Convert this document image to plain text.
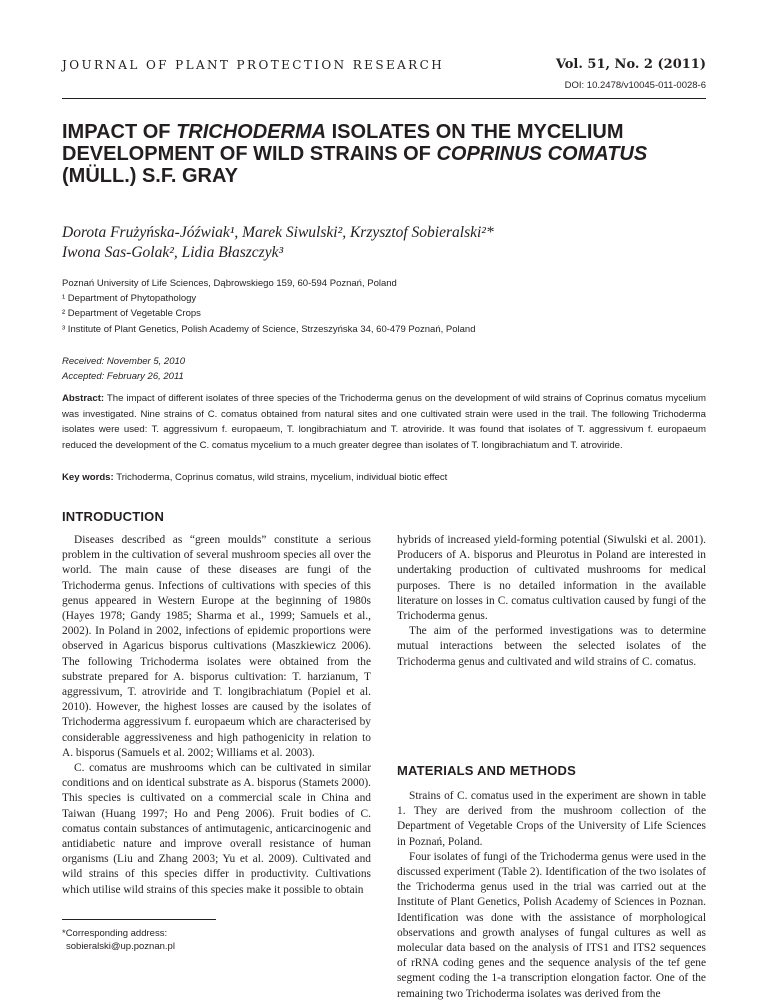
JOURNAL OF PLANT PROTECTION RESEARCH	Vol. 51, No. 2 (2011)
DOI: 10.2478/v10045-011-0028-6
IMPACT OF TRICHODERMA ISOLATES ON THE MYCELIUM DEVELOPMENT OF WILD STRAINS OF COPRINUS COMATUS (MÜLL.) S.F. GRAY
Dorota Frużyńska-Jóźwiak¹, Marek Siwulski², Krzysztof Sobieralski²*
Iwona Sas-Golak², Lidia Błaszczyk³
Poznań University of Life Sciences, Dąbrowskiego 159, 60-594 Poznań, Poland
¹ Department of Phytopathology
² Department of Vegetable Crops
³ Institute of Plant Genetics, Polish Academy of Science, Strzeszyńska 34, 60-479 Poznań, Poland
Received: November 5, 2010
Accepted: February 26, 2011
Abstract: The impact of different isolates of three species of the Trichoderma genus on the development of wild strains of Coprinus comatus mycelium was investigated. Nine strains of C. comatus obtained from natural sites and one cultivated strain were used in the trail. The following Trichoderma isolates were used: T. aggressivum f. europaeum, T. longibrachiatum and T. atroviride. It was found that isolates of T. aggressivum f. europaeum reduced the development of the C. comatus mycelium to a much greater degree than isolates of T. longibrachiatum and T. atroviride.
Key words: Trichoderma, Coprinus comatus, wild strains, mycelium, individual biotic effect
INTRODUCTION

Diseases described as “green moulds” constitute a serious problem in the cultivation of several mushroom species all over the world. The main cause of these diseases are fungi of the Trichoderma genus. Infections of cultivations with species of this genus appeared in Western Europe at the beginning of 1980s (Hayes 1978; Gandy 1985; Sharma et al., 1999; Samuels et al., 2002). In Poland in 2002, infections of epidemic proportions were observed in Agaricus bisporus cultivations (Maszkiewicz 2006). The following Trichoderma isolates were obtained from the substrate prepared for A. bisporus cultivation: T. harzianum, T aggressivum, T. atroviride and T. longibrachiatum (Popiel et al. 2010). However, the highest losses are caused by the isolates of Trichoderma aggressivum f. europaeum which are characterised by considerable aggressiveness and high pathogenicity in relation to A. bisporus (Samuels et al. 2002; Williams et al. 2003).

C. comatus are mushrooms which can be cultivated in similar conditions and on identical substrate as A. bisporus (Stamets 2000). This species is cultivated on a commercial scale in China and Taiwan (Huang 1997; Ho and Peng 2006). Fruit bodies of C. comatus contain substances of antimutagenic, anticarcinogenic and antidiabetic nature and improve overall resistance of human organisms (Liu and Zhang 2003; Yu et al. 2009). Cultivated and wild strains of this species differ in productivity. Cultivations which utilise wild strains of this species make it possible to obtain

hybrids of increased yield-forming potential (Siwulski et al. 2001). Producers of A. bisporus and Pleurotus in Poland are interested in undertaking production of cultivated mushrooms for medical purposes. There is no detailed information in the available literature on losses in C. comatus cultivation caused by fungi of the Trichoderma genus.

The aim of the performed investigations was to determine mutual interactions between the selected isolates of the Trichoderma genus and cultivated and wild strains of C. comatus.

MATERIALS AND METHODS

Strains of C. comatus used in the experiment are shown in table 1. They are derived from the mushroom collection of the Department of Vegetable Crops of the University of Life Sciences in Poznań, Poland.

Four isolates of fungi of the Trichoderma genus were used in the discussed experiment (Table 2). Identification of the two isolates of the Trichoderma genus used in the trial was carried out at the Institute of Plant Genetics, Polish Academy of Sciences in Poznan. Identification was done with the assistance of morphological observations and growth analyses of fungal cultures as well as molecular data based on the analysis of ITS1 and ITS2 sequences of rRNA coding genes and the sequence analysis of the tef gene segment coding the 1-a transcription elongation factor. One of the remaining two Trichoderma isolates was derived from the

*Corresponding address:
sobieralski@up.poznan.pl
